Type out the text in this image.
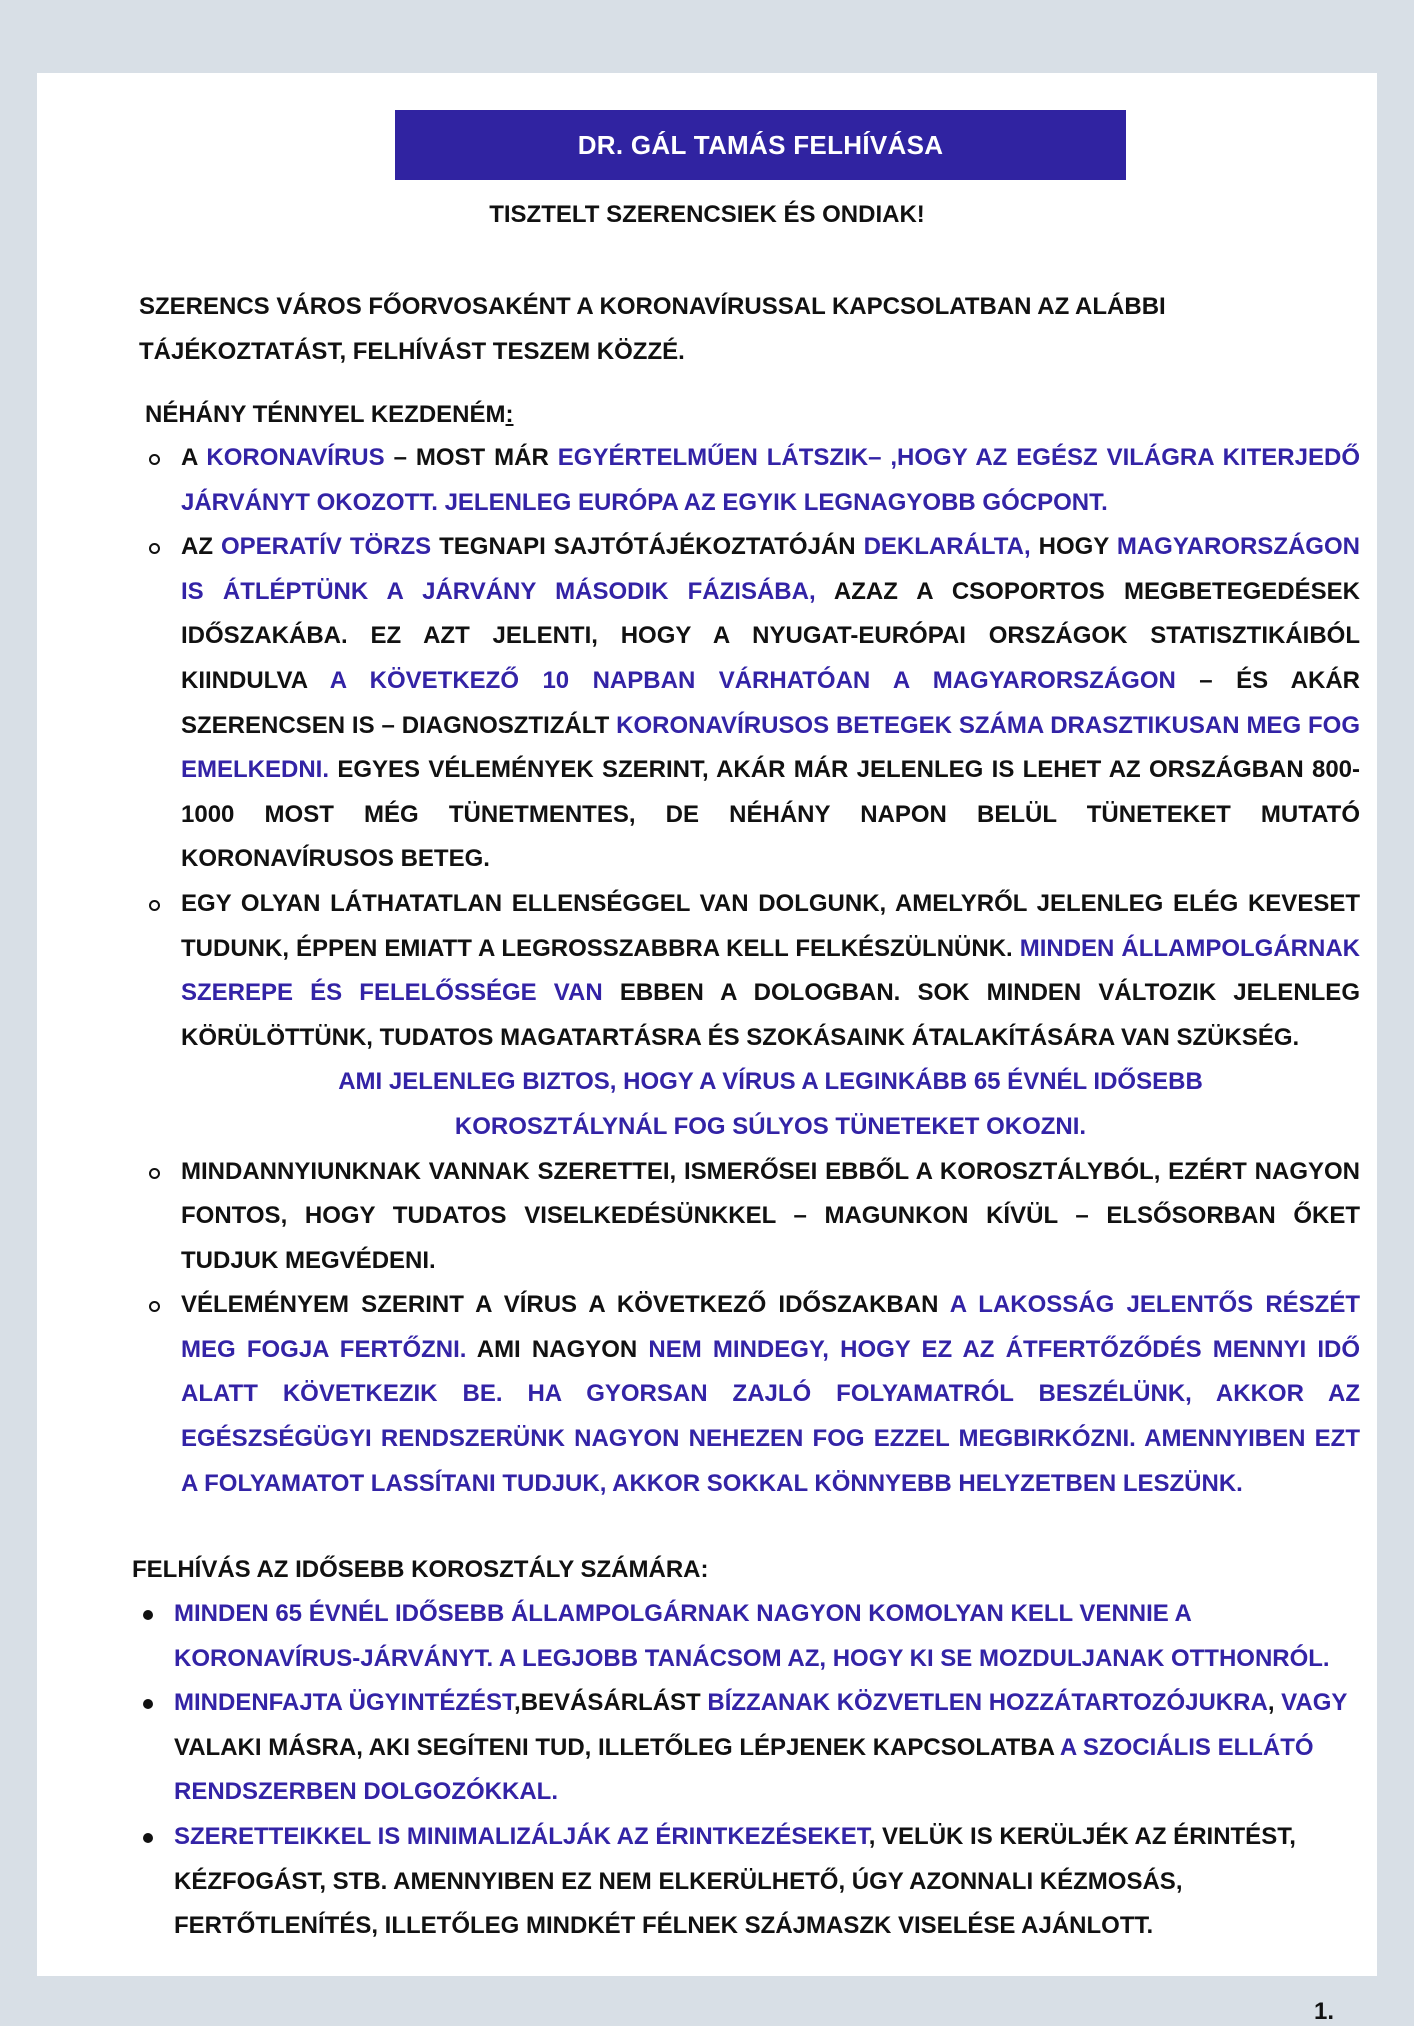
DR. GÁL TAMÁS FELHÍVÁSA
TISZTELT SZERENCSIEK ÉS ONDIAK!
SZERENCS VÁROS FŐORVOSAKÉNT A KORONAVÍRUSSAL KAPCSOLATBAN AZ ALÁBBI TÁJÉKOZTATÁST, FELHÍVÁST TESZEM KÖZZÉ.
NÉHÁNY TÉNNYEL KEZDENÉM:
A KORONAVÍRUS – MOST MÁR EGYÉRTELMŰEN LÁTSZIK– ,HOGY AZ EGÉSZ VILÁGRA KITERJEDŐ JÁRVÁNYT OKOZOTT. JELENLEG EURÓPA AZ EGYIK LEGNAGYOBB GÓCPONT.
AZ OPERATÍV TÖRZS TEGNAPI SAJTÓTÁJÉKOZTATÓJÁN DEKLARÁLTA, HOGY MAGYARORSZÁGON IS ÁTLÉPTÜNK A JÁRVÁNY MÁSODIK FÁZISÁBA, AZAZ A CSOPORTOS MEGBETEGEDÉSEK IDŐSZAKÁBA. EZ AZT JELENTI, HOGY A NYUGAT-EURÓPAI ORSZÁGOK STATISZTIKÁIBÓL KIINDULVA A KÖVETKEZŐ 10 NAPBAN VÁRHATÓAN A MAGYARORSZÁGON – ÉS AKÁR SZERENCSEN IS – DIAGNOSZTIZÁLT KORONAVÍRUSOS BETEGEK SZÁMA DRASZTIKUSAN MEG FOG EMELKEDNI. EGYES VÉLEMÉNYEK SZERINT, AKÁR MÁR JELENLEG IS LEHET AZ ORSZÁGBAN 800-1000 MOST MÉG TÜNETMENTES, DE NÉHÁNY NAPON BELÜL TÜNETEKET MUTATÓ KORONAVÍRUSOS BETEG.
EGY OLYAN LÁTHATATLAN ELLENSÉGGEL VAN DOLGUNK, AMELYRŐL JELENLEG ELÉG KEVESET TUDUNK, ÉPPEN EMIATT A LEGROSSZABBRA KELL FELKÉSZÜLNÜNK. MINDEN ÁLLAMPOLGÁRNAK SZEREPE ÉS FELELŐSSÉGE VAN EBBEN A DOLOGBAN. SOK MINDEN VÁLTOZIK JELENLEG KÖRÜLÖTTÜNK, TUDATOS MAGATARTÁSRA ÉS SZOKÁSAINK ÁTALAKÍTÁSÁRA VAN SZÜKSÉG.
AMI JELENLEG BIZTOS, HOGY A VÍRUS A LEGINKÁBB 65 ÉVNÉL IDŐSEBB
KOROSZTÁLYNÁL FOG SÚLYOS TÜNETEKET OKOZNI.
MINDANNYIUNKNAK VANNAK SZERETTEI, ISMERŐSEI EBBŐL A KOROSZTÁLYBÓL, EZÉRT NAGYON FONTOS, HOGY TUDATOS VISELKEDÉSÜNKKEL – MAGUNKON KÍVÜL – ELSŐSORBAN ŐKET TUDJUK MEGVÉDENI.
VÉLEMÉNYEM SZERINT A VÍRUS A KÖVETKEZŐ IDŐSZAKBAN A LAKOSSÁG JELENTŐS RÉSZÉT MEG FOGJA FERTŐZNI. AMI NAGYON NEM MINDEGY, HOGY EZ AZ ÁTFERTŐZŐDÉS MENNYI IDŐ ALATT KÖVETKEZIK BE. HA GYORSAN ZAJLÓ FOLYAMATRÓL BESZÉLÜNK, AKKOR AZ EGÉSZSÉGÜGYI RENDSZERÜNK NAGYON NEHEZEN FOG EZZEL MEGBIRKÓZNI. AMENNYIBEN EZT A FOLYAMATOT LASSÍTANI TUDJUK, AKKOR SOKKAL KÖNNYEBB HELYZETBEN LESZÜNK.
FELHÍVÁS AZ IDŐSEBB KOROSZTÁLY SZÁMÁRA:
MINDEN 65 ÉVNÉL IDŐSEBB ÁLLAMPOLGÁRNAK NAGYON KOMOLYAN KELL VENNIE A KORONAVÍRUS-JÁRVÁNYT. A LEGJOBB TANÁCSOM AZ, HOGY KI SE MOZDULJANAK OTTHONRÓL.
MINDENFAJTA ÜGYINTÉZÉST,BEVÁSÁRLÁST BÍZZANAK KÖZVETLEN HOZZÁTARTOZÓJUKRA, VAGY VALAKI MÁSRA, AKI SEGÍTENI TUD, ILLETŐLEG LÉPJENEK KAPCSOLATBA A SZOCIÁLIS ELLÁTÓ RENDSZERBEN DOLGOZÓKKAL.
SZERETTEIKKEL IS MINIMALIZÁLJÁK AZ ÉRINTKEZÉSEKET, VELÜK IS KERÜLJÉK AZ ÉRINTÉST, KÉZFOGÁST, STB. AMENNYIBEN EZ NEM ELKERÜLHETŐ, ÚGY AZONNALI KÉZMOSÁS, FERTŐTLENÍTÉS, ILLETŐLEG MINDKÉT FÉLNEK SZÁJMASZK VISELÉSE AJÁNLOTT.
1.
